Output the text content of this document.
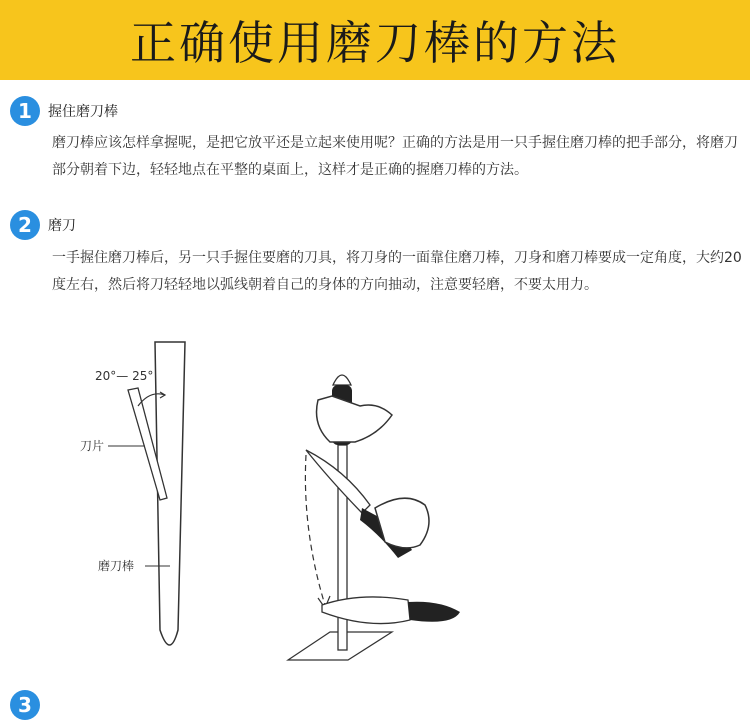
正确使用磨刀棒的方法
1	握住磨刀棒
磨刀棒应该怎样拿握呢，是把它放平还是立起来使用呢？正确的方法是用一只手握住磨刀棒的把手部分，将磨刀部分朝着下边，轻轻地点在平整的桌面上，这样才是正确的握磨刀棒的方法。
2	磨刀
一手握住磨刀棒后，另一只手握住要磨的刀具，将刀身的一面靠住磨刀棒，刀身和磨刀棒要成一定角度，大约20度左右，然后将刀轻轻地以弧线朝着自己的身体的方向抽动，注意要轻磨，不要太用力。
20°— 25°
刀片
磨刀棒
3
